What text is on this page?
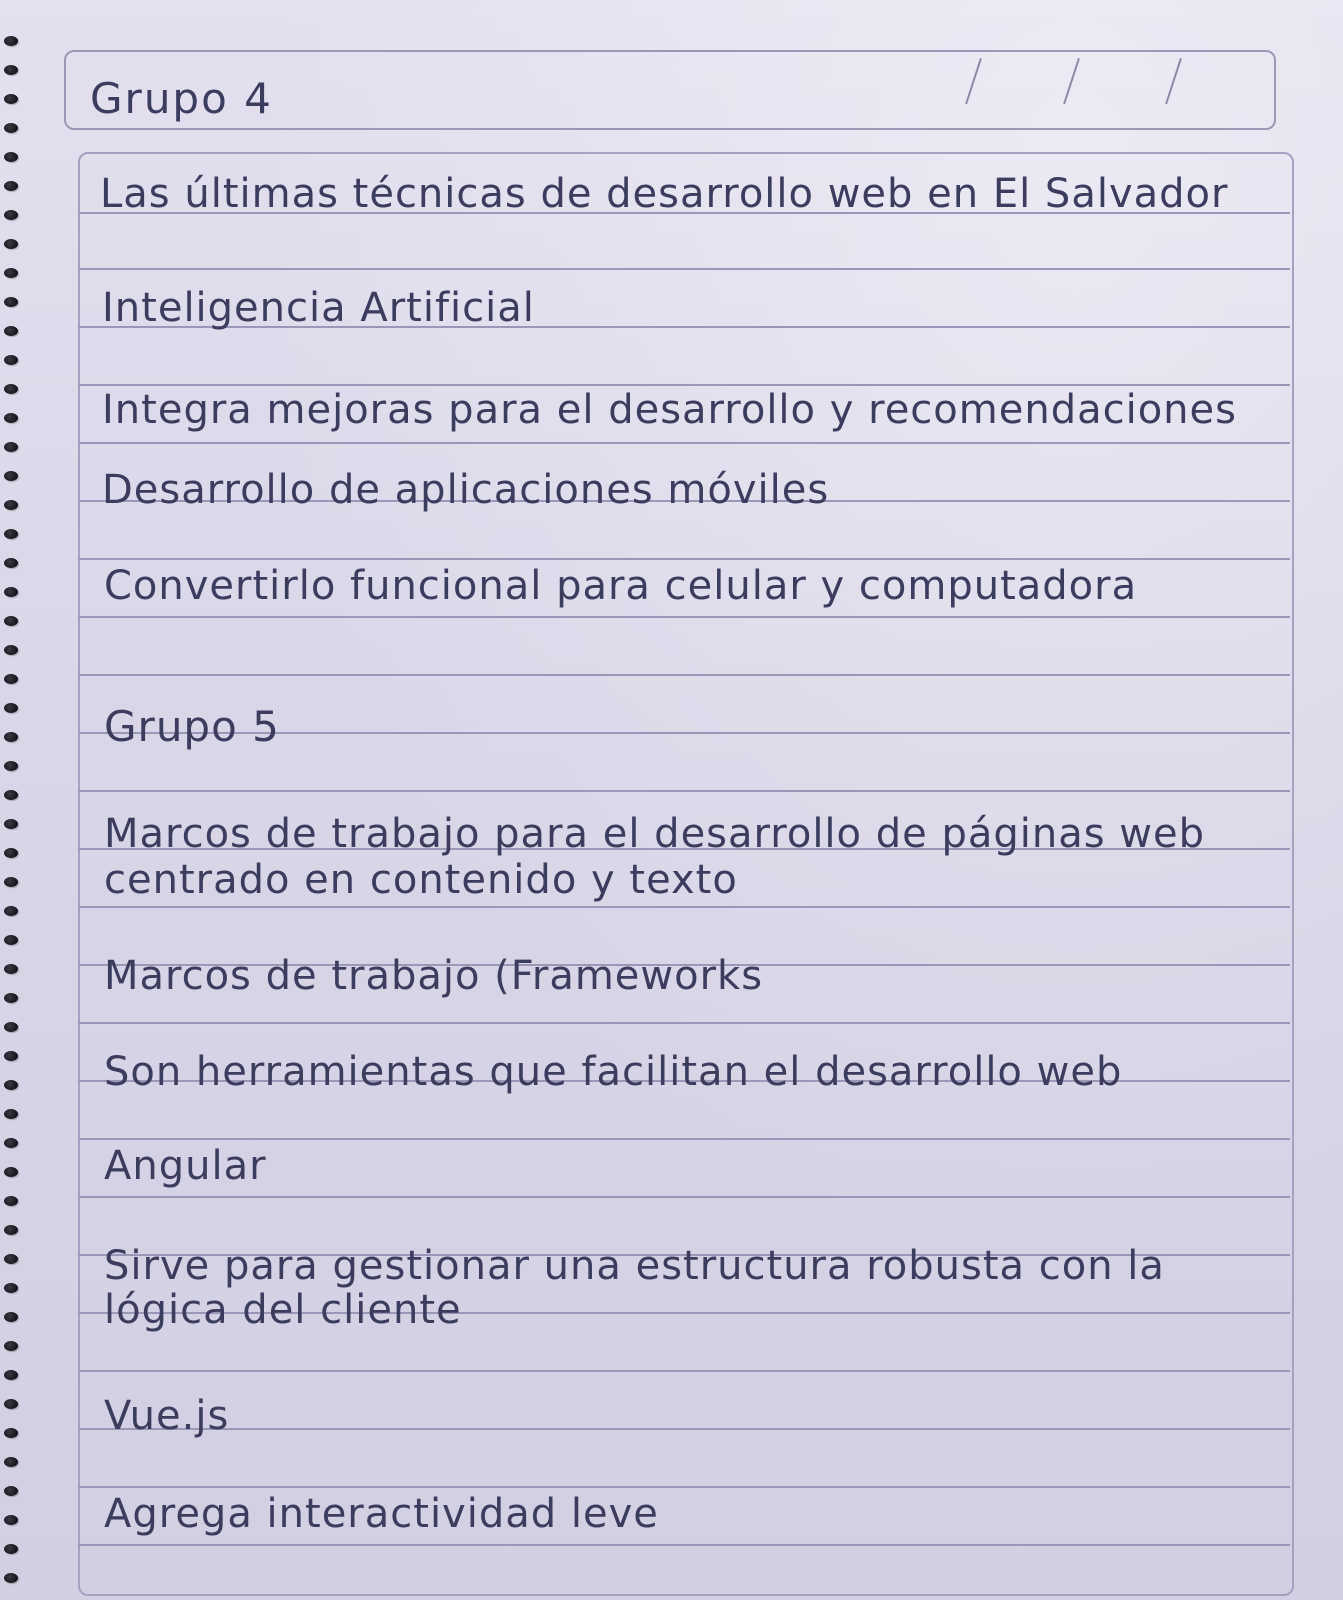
Grupo 4

Las últimas técnicas de desarrollo web en El Salvador

Inteligencia Artificial

Integra mejoras para el desarrollo y recomendaciones

Desarrollo de aplicaciones móviles

Convertirlo funcional para celular y computadora

Grupo 5

Marcos de trabajo para el desarrollo de páginas web

centrado en contenido y texto

Marcos de trabajo (Frameworks

Son herramientas que facilitan el desarrollo web

Angular

Sirve para gestionar una estructura robusta con la

lógica del cliente

Vue.js

Agrega interactividad leve
